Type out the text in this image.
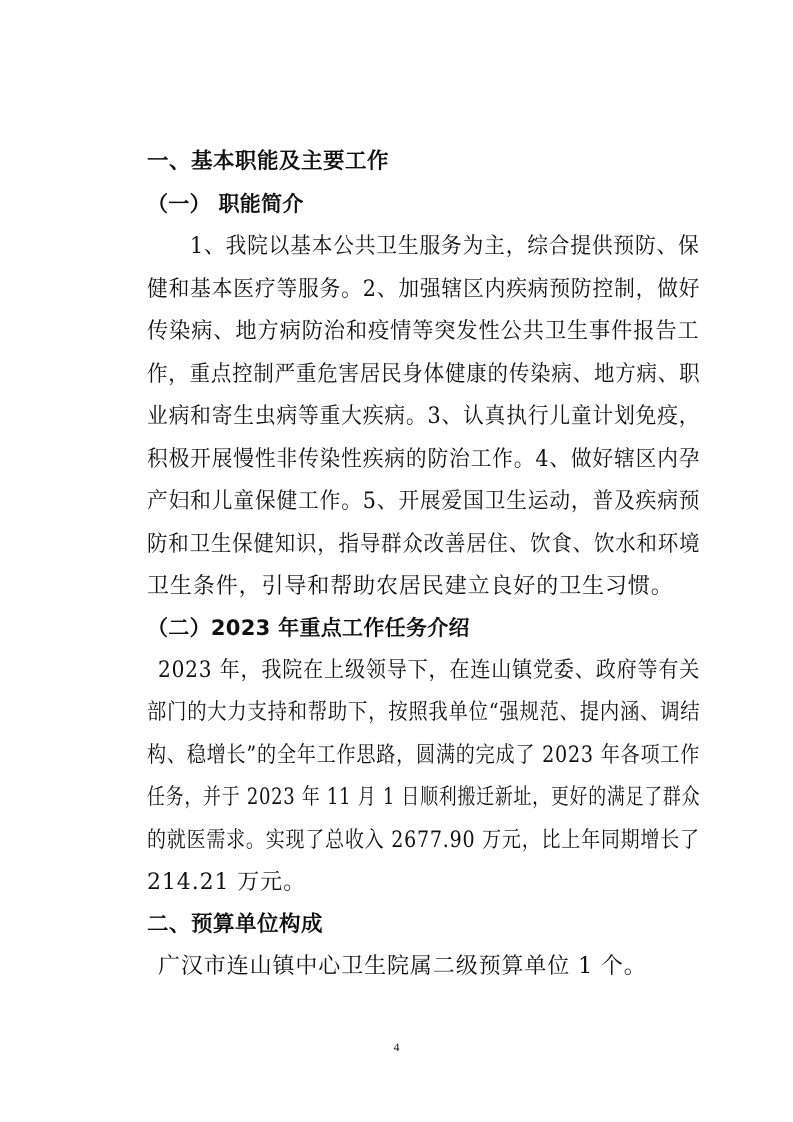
一、基本职能及主要工作
（一） 职能简介
1、我院以基本公共卫生服务为主，综合提供预防、保
健和基本医疗等服务。2、加强辖区内疾病预防控制，做好
传染病、地方病防治和疫情等突发性公共卫生事件报告工
作，重点控制严重危害居民身体健康的传染病、地方病、职
业病和寄生虫病等重大疾病。3、认真执行儿童计划免疫，
积极开展慢性非传染性疾病的防治工作。4、做好辖区内孕
产妇和儿童保健工作。5、开展爱国卫生运动，普及疾病预
防和卫生保健知识，指导群众改善居住、饮食、饮水和环境
卫生条件，引导和帮助农居民建立良好的卫生习惯。
（二）2023 年重点工作任务介绍
2023 年，我院在上级领导下，在连山镇党委、政府等有关
部门的大力支持和帮助下，按照我单位“强规范、提内涵、调结
构、稳增长”的全年工作思路，圆满的完成了 2023 年各项工作
任务，并于 2023 年 11 月 1 日顺利搬迁新址，更好的满足了群众
的就医需求。实现了总收入 2677.90 万元，比上年同期增长了
214.21 万元。
二、预算单位构成
广汉市连山镇中心卫生院属二级预算单位 1 个。
4
